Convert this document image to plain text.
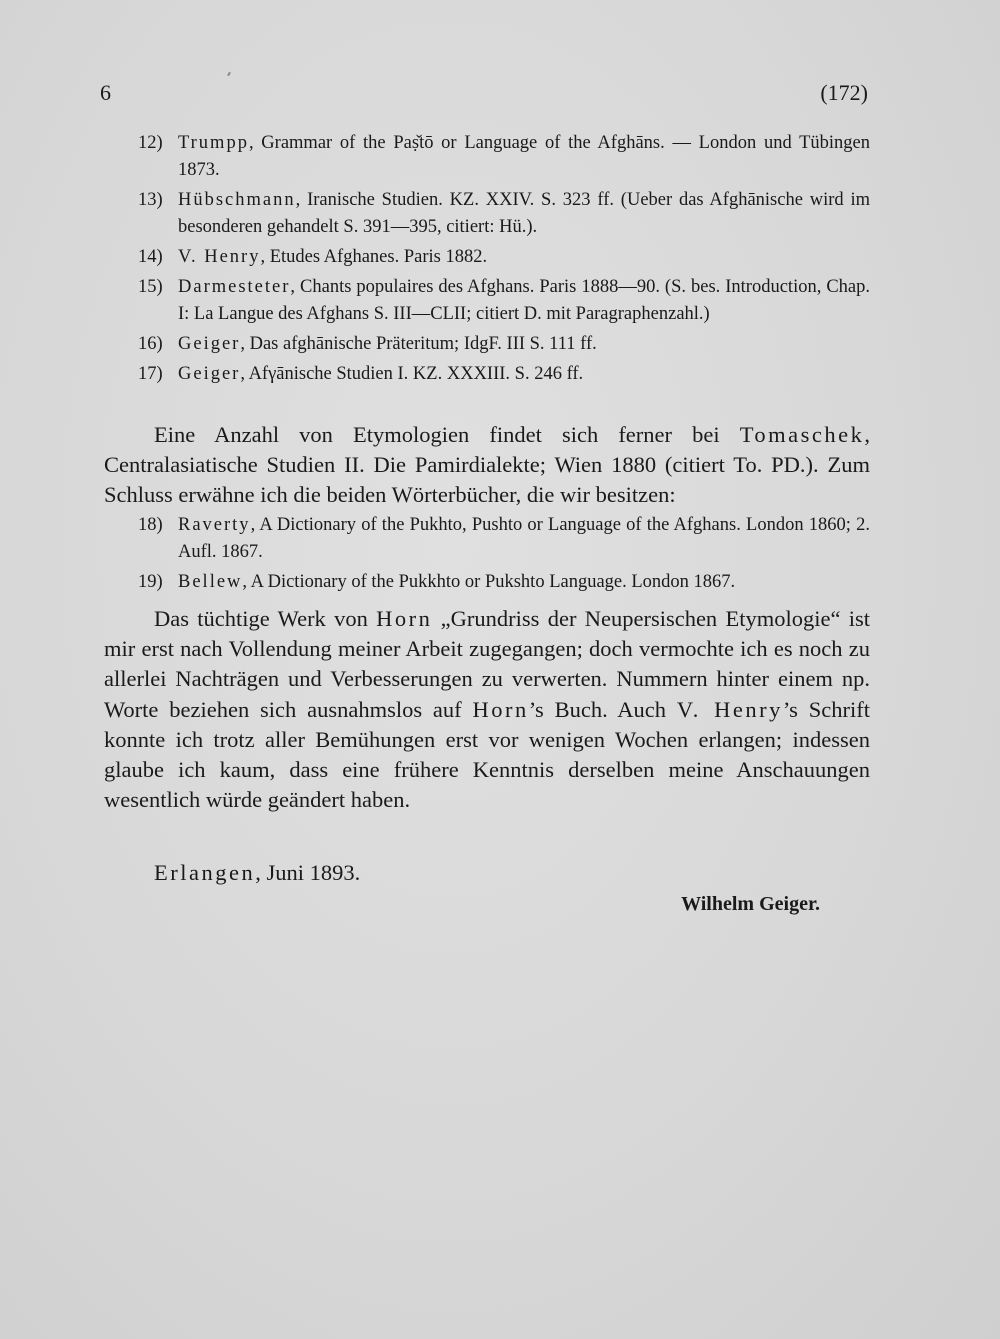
6	(172)

12) Trumpp, Grammar of the Paṣ̌tō or Language of the Afghāns. — London und Tübingen 1873.

13) Hübschmann, Iranische Studien. KZ. XXIV. S. 323 ff. (Ueber das Afghānische wird im besonderen gehandelt S. 391—395, citiert: Hü.).

14) V. Henry, Etudes Afghanes. Paris 1882.

15) Darmesteter, Chants populaires des Afghans. Paris 1888—90. (S. bes. Introduction, Chap. I: La Langue des Afghans S. III—CLII; citiert D. mit Paragraphenzahl.)

16) Geiger, Das afghānische Präteritum; IdgF. III S. 111 ff.

17) Geiger, Afγānische Studien I. KZ. XXXIII. S. 246 ff.

Eine Anzahl von Etymologien findet sich ferner bei Tomaschek, Centralasiatische Studien II. Die Pamirdialekte; Wien 1880 (citiert To. PD.). Zum Schluss erwähne ich die beiden Wörterbücher, die wir besitzen:

18) Raverty, A Dictionary of the Pukhto, Pushto or Language of the Afghans. London 1860; 2. Aufl. 1867.

19) Bellew, A Dictionary of the Pukkhto or Pukshto Language. London 1867.

Das tüchtige Werk von Horn „Grundriss der Neupersischen Etymologie“ ist mir erst nach Vollendung meiner Arbeit zugegangen; doch vermochte ich es noch zu allerlei Nachträgen und Verbesserungen zu verwerten. Nummern hinter einem np. Worte beziehen sich ausnahmslos auf Horn’s Buch. Auch V. Henry’s Schrift konnte ich trotz aller Bemühungen erst vor wenigen Wochen erlangen; indessen glaube ich kaum, dass eine frühere Kenntnis derselben meine Anschauungen wesentlich würde geändert haben.

Erlangen, Juni 1893.
Wilhelm Geiger.
